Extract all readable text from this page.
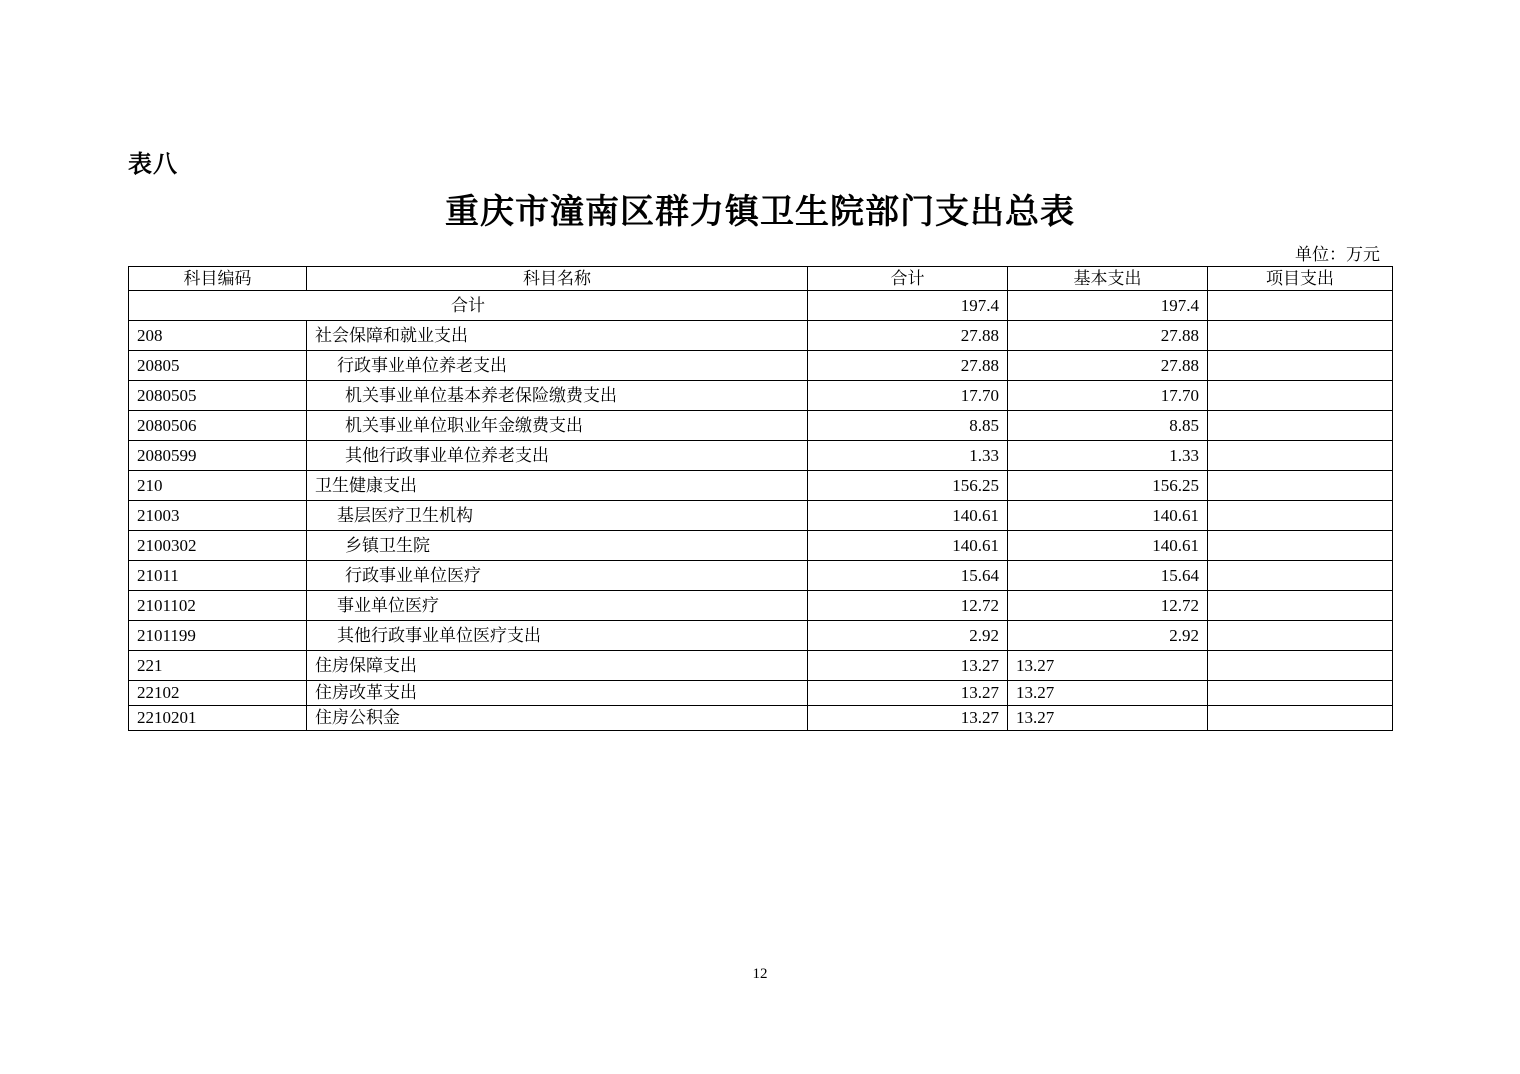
表八
重庆市潼南区群力镇卫生院部门支出总表
单位：万元
科目编码	科目名称	合计	基本支出	项目支出
合计		197.4	197.4	
208	社会保障和就业支出	27.88	27.88	
20805	行政事业单位养老支出	27.88	27.88	
2080505	机关事业单位基本养老保险缴费支出	17.70	17.70	
2080506	机关事业单位职业年金缴费支出	8.85	8.85	
2080599	其他行政事业单位养老支出	1.33	1.33	
210	卫生健康支出	156.25	156.25	
21003	基层医疗卫生机构	140.61	140.61	
2100302	乡镇卫生院	140.61	140.61	
21011	行政事业单位医疗	15.64	15.64	
2101102	事业单位医疗	12.72	12.72	
2101199	其他行政事业单位医疗支出	2.92	2.92	
221	住房保障支出	13.27	13.27	
22102	住房改革支出	13.27	13.27	
2210201	住房公积金	13.27	13.27	
12
